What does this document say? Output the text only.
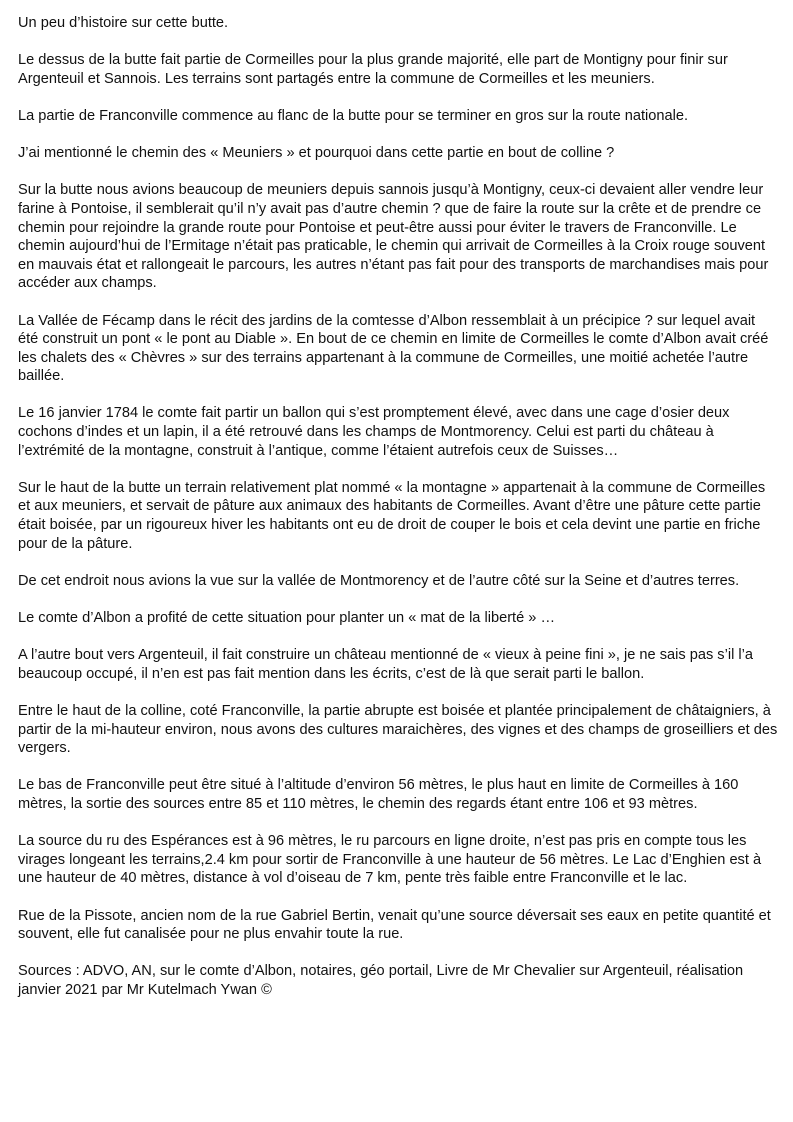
Un peu d’histoire sur cette butte.

Le dessus de la butte fait partie de Cormeilles pour la plus grande majorité, elle part de Montigny pour finir sur Argenteuil et Sannois. Les terrains sont partagés entre la commune de Cormeilles et les meuniers.

La partie de Franconville commence au flanc de la butte pour se terminer en gros sur la route nationale.

J’ai mentionné le chemin des « Meuniers » et pourquoi dans cette partie en bout de colline ?

Sur la butte nous avions beaucoup de meuniers depuis sannois jusqu’à Montigny, ceux-ci devaient aller vendre leur farine à Pontoise, il semblerait qu’il n’y avait pas d’autre chemin ? que de faire la route sur la crête et de prendre ce chemin pour rejoindre la grande route pour Pontoise et peut-être aussi pour éviter le travers de Franconville. Le chemin aujourd’hui de l’Ermitage n’était pas praticable, le chemin qui arrivait de Cormeilles à la Croix rouge souvent en mauvais état et rallongeait le parcours, les autres n’étant pas fait pour des transports de marchandises mais pour accéder aux champs.

La Vallée de Fécamp dans le récit des jardins de la comtesse d’Albon ressemblait à un précipice ? sur lequel avait été construit un pont « le pont au Diable ». En bout de ce chemin en limite de Cormeilles le comte d’Albon avait créé les chalets des « Chèvres » sur des terrains appartenant à la commune de Cormeilles, une moitié achetée l’autre baillée.

Le 16 janvier 1784 le comte fait partir un ballon qui s’est promptement élevé, avec dans une cage d’osier deux cochons d’indes et un lapin, il a été retrouvé dans les champs de Montmorency. Celui est parti du château à l’extrémité de la montagne, construit à l’antique, comme l’étaient autrefois ceux de Suisses…

Sur le haut de la butte un terrain relativement plat nommé « la montagne » appartenait à la commune de Cormeilles et aux meuniers, et servait de pâture aux animaux des habitants de Cormeilles. Avant d’être une pâture cette partie était boisée, par un rigoureux hiver les habitants ont eu de droit de couper le bois et cela devint une partie en friche pour de la pâture.

De cet endroit nous avions la vue sur la vallée de Montmorency et de l’autre côté sur la Seine et d’autres terres.

Le comte d’Albon a profité de cette situation pour planter un « mat de la liberté » …

A l’autre bout vers Argenteuil, il fait construire un château mentionné de « vieux à peine fini », je ne sais pas s’il l’a beaucoup occupé, il n’en est pas fait mention dans les écrits, c’est de là que serait parti le ballon.

Entre le haut de la colline, coté Franconville, la partie abrupte est boisée et plantée principalement de châtaigniers, à partir de la mi-hauteur environ, nous avons des cultures maraichères, des vignes et des champs de groseilliers et des vergers.

Le bas de Franconville peut être situé à l’altitude d’environ 56 mètres, le plus haut en limite de Cormeilles à 160 mètres, la sortie des sources entre 85 et 110 mètres, le chemin des regards étant entre 106 et 93 mètres.

La source du ru des Espérances est à 96 mètres, le ru parcours en ligne droite, n’est pas pris en compte tous les virages longeant les terrains,2.4 km pour sortir de Franconville à une hauteur de 56 mètres. Le Lac d’Enghien est à une hauteur de 40 mètres, distance à vol d’oiseau de 7 km, pente très faible entre Franconville et le lac.

Rue de la Pissote, ancien nom de la rue Gabriel Bertin, venait qu’une source déversait ses eaux en petite quantité et souvent, elle fut canalisée pour ne plus envahir toute la rue.

Sources : ADVO, AN, sur le comte d’Albon, notaires, géo portail, Livre de Mr Chevalier sur Argenteuil, réalisation janvier 2021 par Mr Kutelmach Ywan ©
